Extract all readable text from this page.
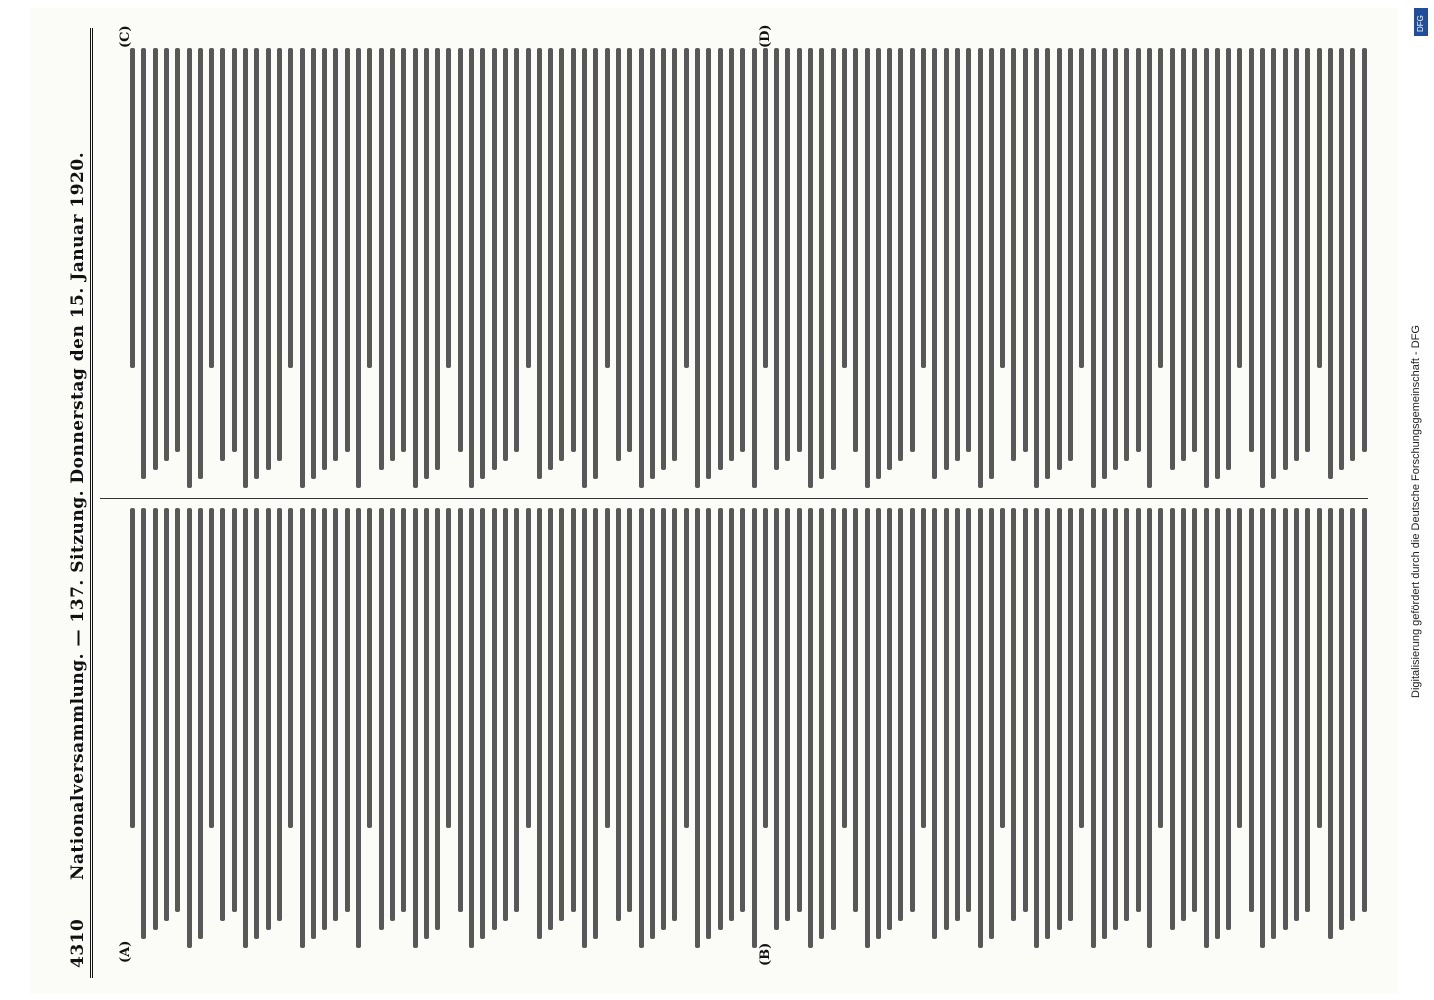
4310      Nationalversammlung. — 137. Sitzung. Donnerstag den 15. Januar 1920.
(A)	(B)
(C)	(D)
Digitalisierung gefördert durch die Deutsche Forschungsgemeinschaft - DFG
DFG
